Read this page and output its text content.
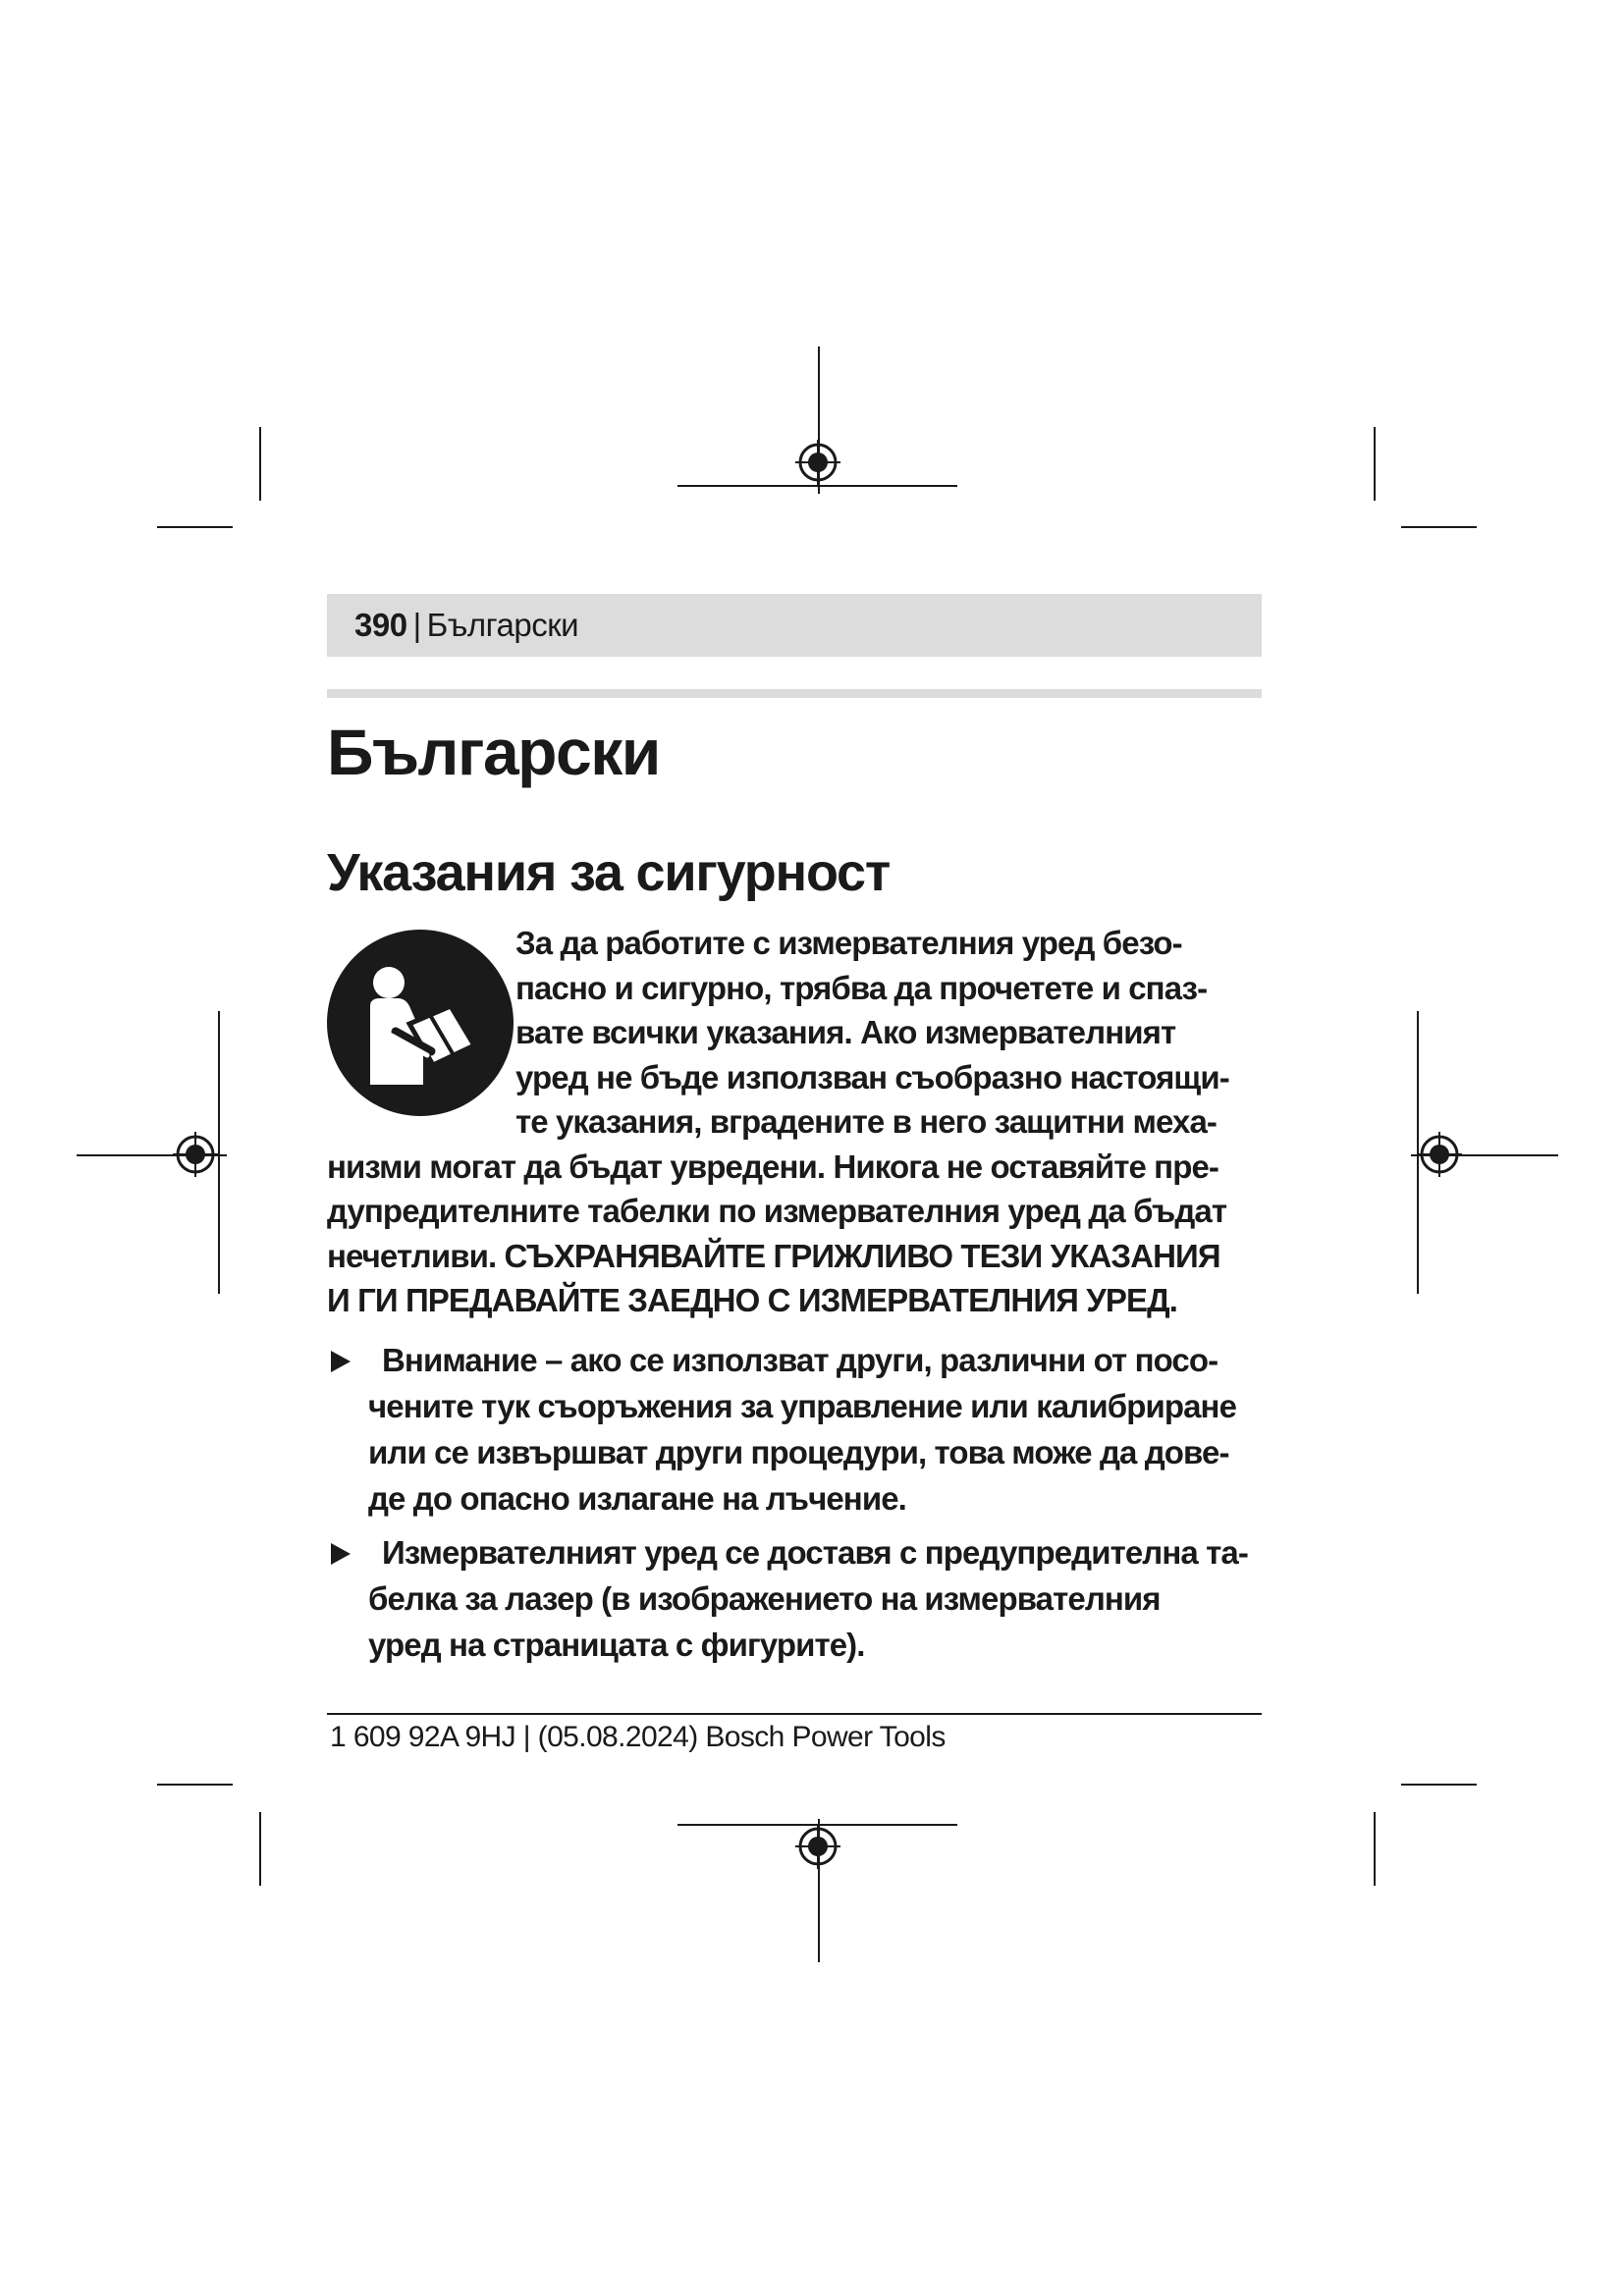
390 | Български
Български
Указания за сигурност
За да работите с измервателния уред безо-
пасно и сигурно, трябва да прочетете и спаз-
вате всички указания. Ако измервателният
уред не бъде използван съобразно настоящи-
те указания, вградените в него защитни меха-
низми могат да бъдат увредени. Никога не оставяйте пре-
дупредителните табелки по измервателния уред да бъдат
нечетливи. СЪХРАНЯВАЙТЕ ГРИЖЛИВО ТЕЗИ УКАЗАНИЯ
И ГИ ПРЕДАВАЙТЕ ЗАЕДНО С ИЗМЕРВАТЕЛНИЯ УРЕД.
Внимание – ако се използват други, различни от посо-
чените тук съоръжения за управление или калибриране
или се извършват други процедури, това може да дове-
де до опасно излагане на лъчение.
Измервателният уред се доставя с предупредителна та-
белка за лазер (в изображението на измервателния
уред на страницата с фигурите).
1 609 92A 9HJ | (05.08.2024) Bosch Power Tools
